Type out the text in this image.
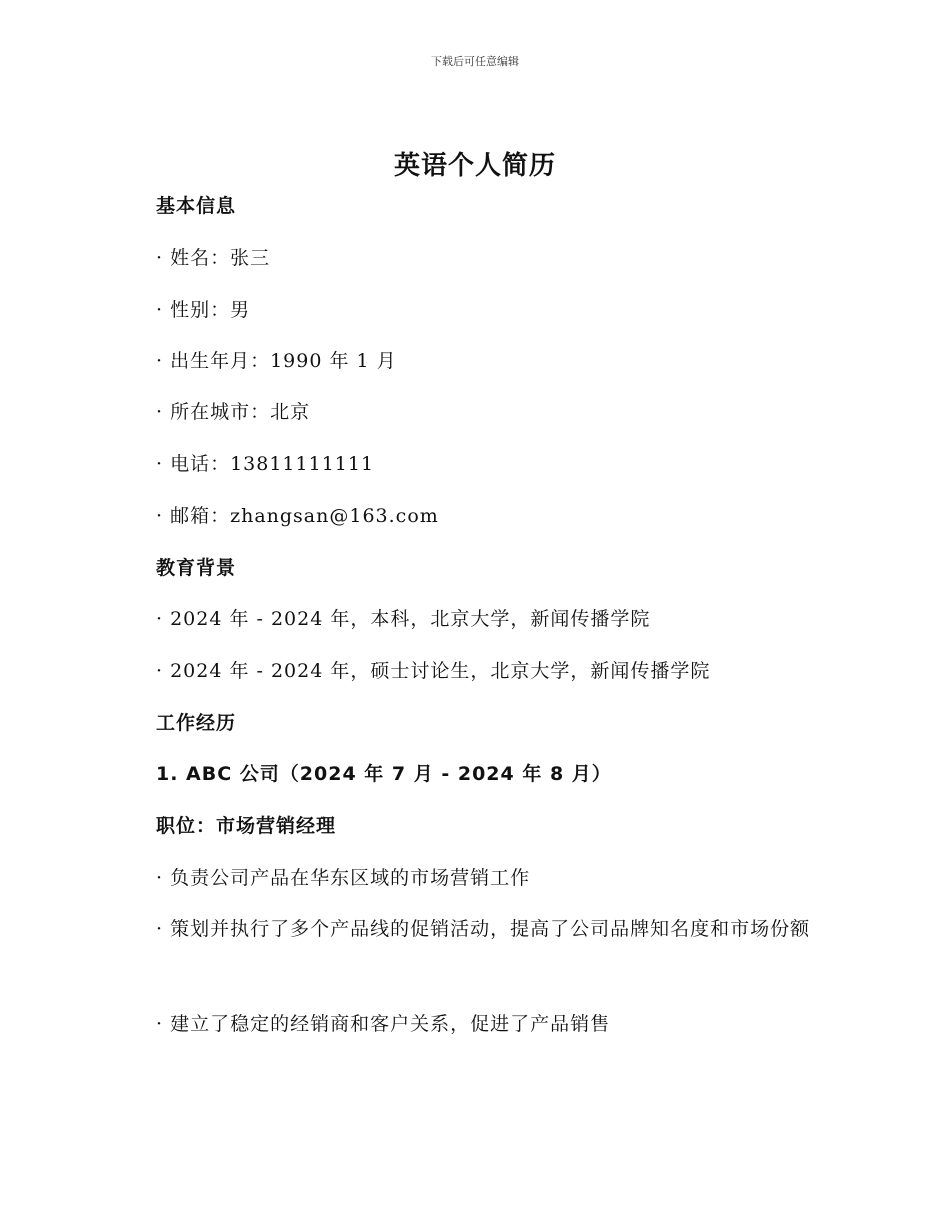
下载后可任意编辑
英语个人简历
基本信息
· 姓名：张三
· 性别：男
· 出生年月：1990 年 1 月
· 所在城市：北京
· 电话：13811111111
· 邮箱：zhangsan@163.com
教育背景
· 2024 年 - 2024 年，本科，北京大学，新闻传播学院
· 2024 年 - 2024 年，硕士讨论生，北京大学，新闻传播学院
工作经历
1. ABC 公司（2024 年 7 月 - 2024 年 8 月）
职位：市场营销经理
· 负责公司产品在华东区域的市场营销工作
· 策划并执行了多个产品线的促销活动，提高了公司品牌知名度和市场份额
· 建立了稳定的经销商和客户关系，促进了产品销售
